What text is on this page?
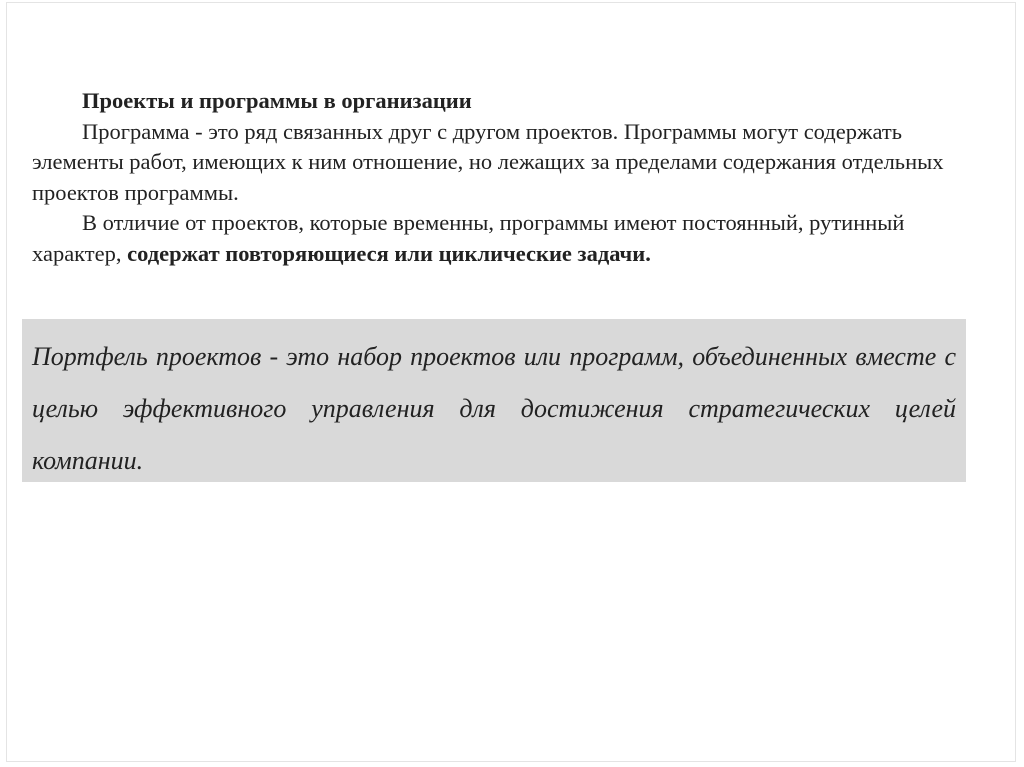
Проекты и программы в организации

Программа - это ряд связанных друг с другом проектов. Программы могут содержать элементы работ, имеющих к ним отношение, но лежащих за пределами содержания отдельных проектов программы.

В отличие от проектов, которые временны, программы имеют постоянный, рутинный характер, содержат повторяющиеся или циклические задачи.

Портфель проектов - это набор проектов или программ, объединенных вместе с целью эффективного управления для достижения стратегических целей компании.
